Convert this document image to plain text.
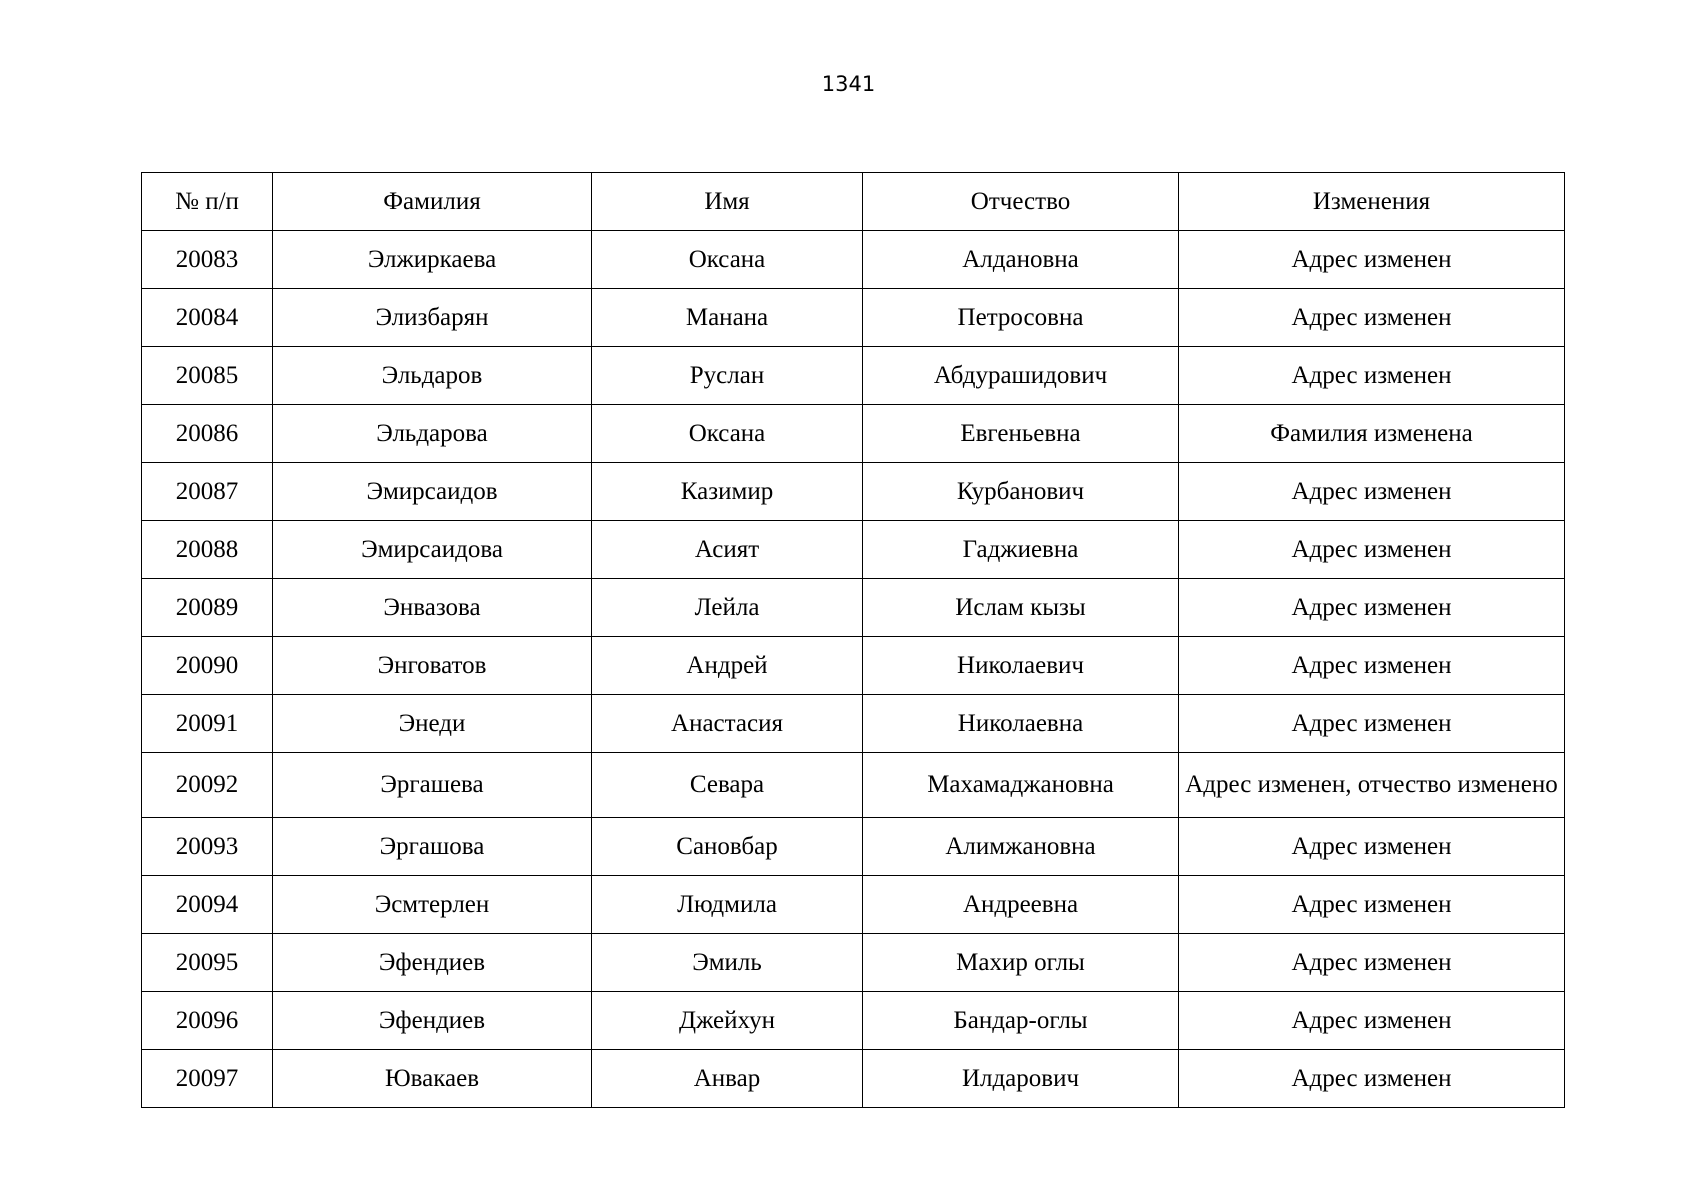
1341
№ п/п	Фамилия	Имя	Отчество	Изменения
20083	Элжиркаева	Оксана	Алдановна	Адрес изменен
20084	Элизбарян	Манана	Петросовна	Адрес изменен
20085	Эльдаров	Руслан	Абдурашидович	Адрес изменен
20086	Эльдарова	Оксана	Евгеньевна	Фамилия изменена
20087	Эмирсаидов	Казимир	Курбанович	Адрес изменен
20088	Эмирсаидова	Асият	Гаджиевна	Адрес изменен
20089	Энвазова	Лейла	Ислам кызы	Адрес изменен
20090	Энговатов	Андрей	Николаевич	Адрес изменен
20091	Энеди	Анастасия	Николаевна	Адрес изменен
20092	Эргашева	Севара	Махамаджановна	Адрес изменен, отчество изменено
20093	Эргашова	Сановбар	Алимжановна	Адрес изменен
20094	Эсмтерлен	Людмила	Андреевна	Адрес изменен
20095	Эфендиев	Эмиль	Махир оглы	Адрес изменен
20096	Эфендиев	Джейхун	Бандар-оглы	Адрес изменен
20097	Ювакаев	Анвар	Илдарович	Адрес изменен
